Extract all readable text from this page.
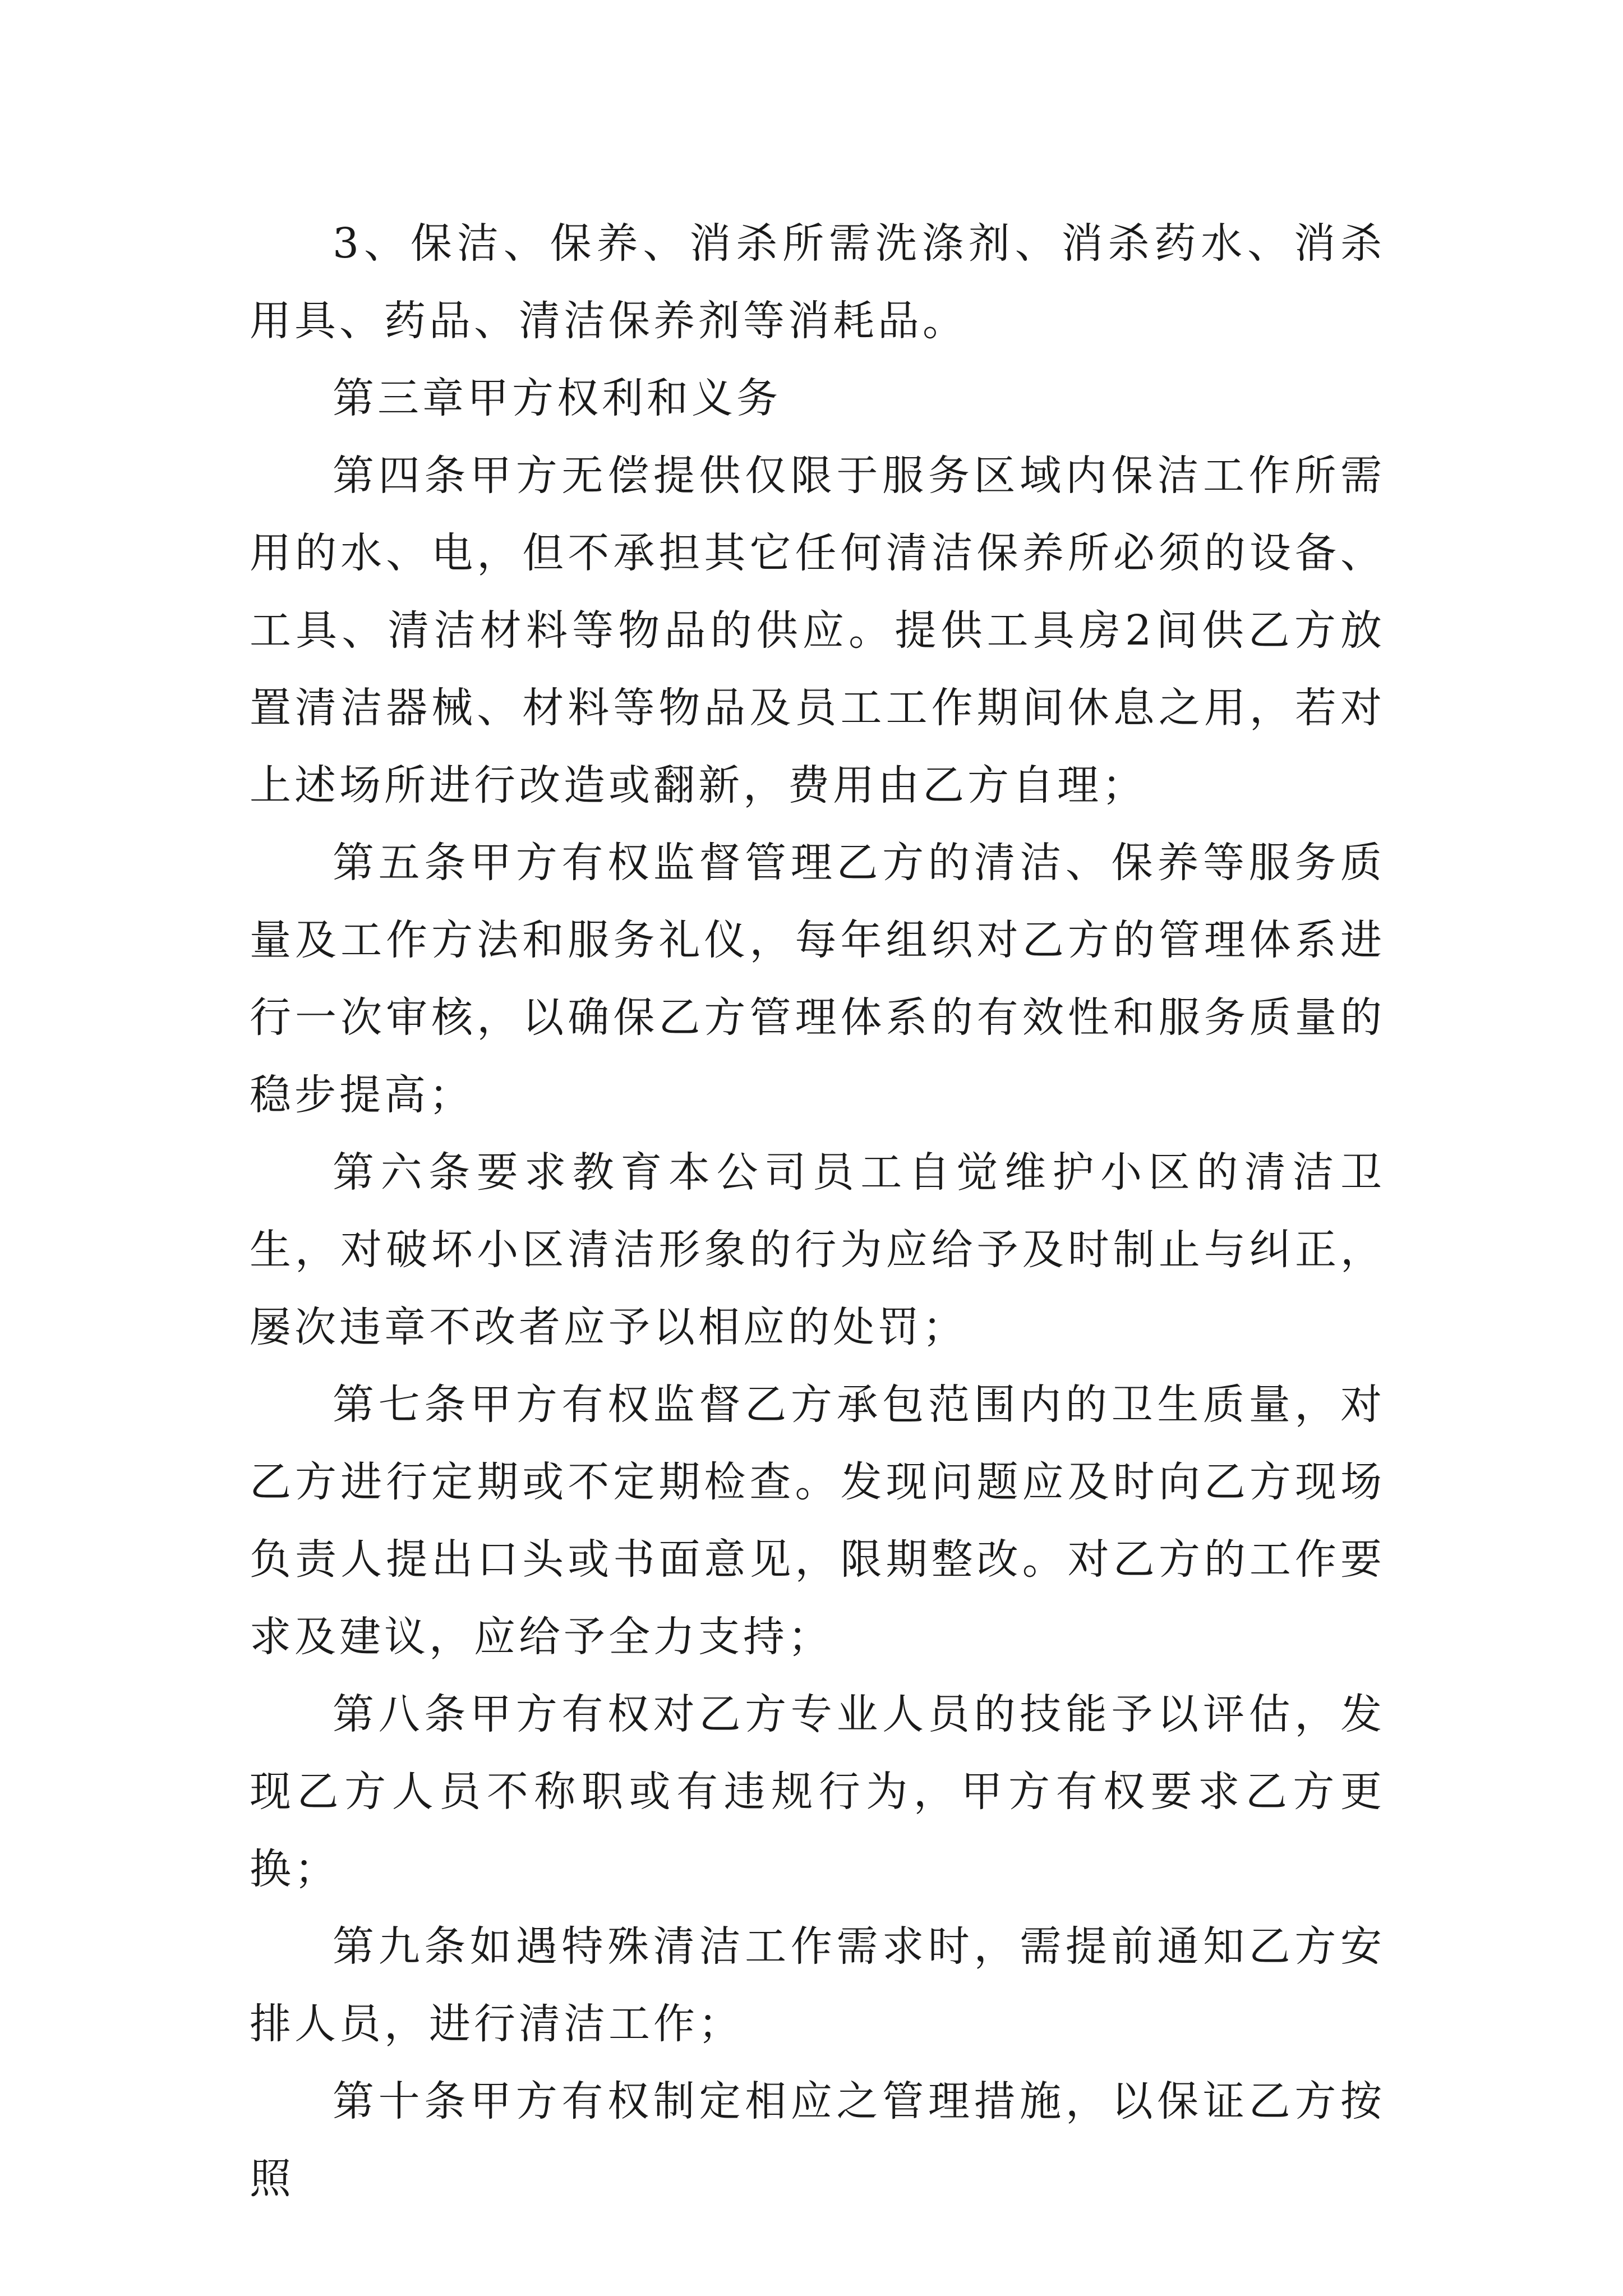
3、保洁、保养、消杀所需洗涤剂、消杀药水、消杀用具、药品、清洁保养剂等消耗品。

第三章甲方权利和义务

第四条甲方无偿提供仅限于服务区域内保洁工作所需用的水、电，但不承担其它任何清洁保养所必须的设备、工具、清洁材料等物品的供应。提供工具房2间供乙方放置清洁器械、材料等物品及员工工作期间休息之用，若对上述场所进行改造或翻新，费用由乙方自理；

第五条甲方有权监督管理乙方的清洁、保养等服务质量及工作方法和服务礼仪，每年组织对乙方的管理体系进行一次审核，以确保乙方管理体系的有效性和服务质量的稳步提高；

第六条要求教育本公司员工自觉维护小区的清洁卫生，对破坏小区清洁形象的行为应给予及时制止与纠正，屡次违章不改者应予以相应的处罚；

第七条甲方有权监督乙方承包范围内的卫生质量，对乙方进行定期或不定期检查。发现问题应及时向乙方现场负责人提出口头或书面意见，限期整改。对乙方的工作要求及建议，应给予全力支持；

第八条甲方有权对乙方专业人员的技能予以评估，发现乙方人员不称职或有违规行为，甲方有权要求乙方更换；

第九条如遇特殊清洁工作需求时，需提前通知乙方安排人员，进行清洁工作；

第十条甲方有权制定相应之管理措施，以保证乙方按照
